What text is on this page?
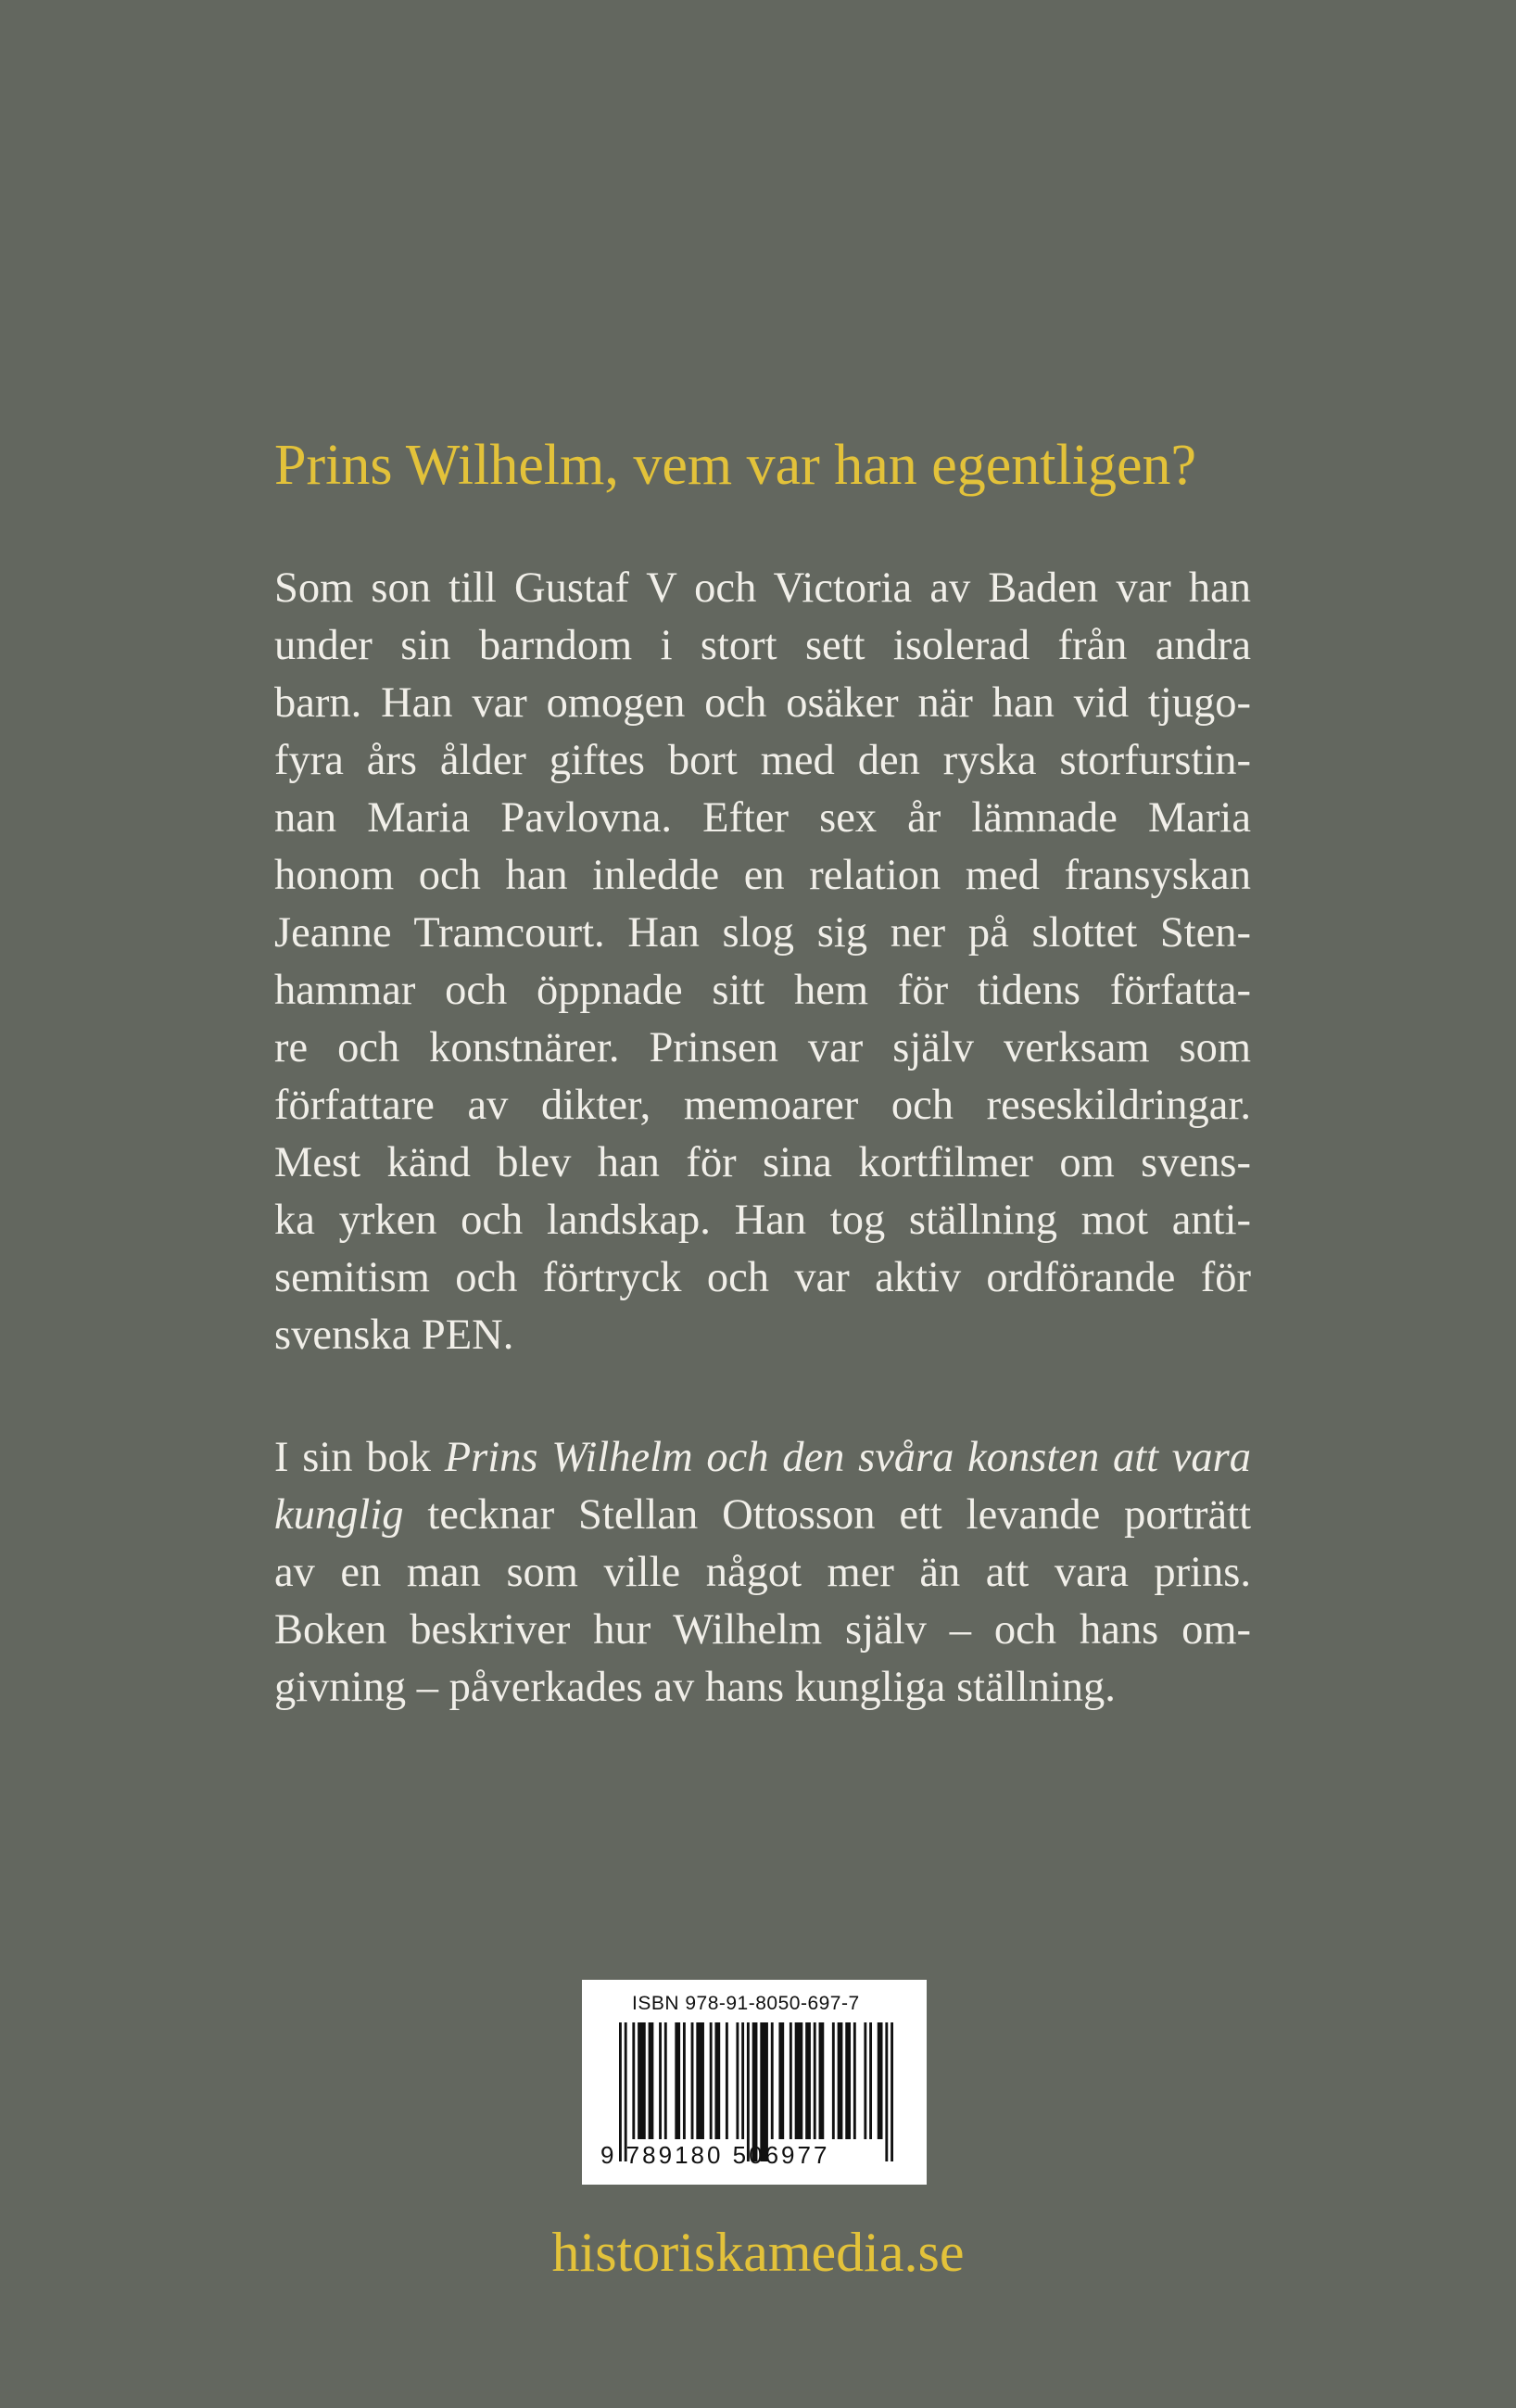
Prins Wilhelm, vem var han egentligen?
Som son till Gustaf V och Victoria av Baden var han
under sin barndom i stort sett isolerad från andra
barn. Han var omogen och osäker när han vid tjugo-
fyra års ålder giftes bort med den ryska storfurstin-
nan Maria Pavlovna. Efter sex år lämnade Maria
honom och han inledde en relation med fransyskan
Jeanne Tramcourt. Han slog sig ner på slottet Sten-
hammar och öppnade sitt hem för tidens författa-
re och konstnärer. Prinsen var själv verksam som
författare av dikter, memoarer och reseskildringar.
Mest känd blev han för sina kortfilmer om svens-
ka yrken och landskap. Han tog ställning mot anti-
semitism och förtryck och var aktiv ordförande för
svenska PEN.
I sin bok Prins Wilhelm och den svåra konsten att vara
kunglig tecknar Stellan Ottosson ett levande porträtt
av en man som ville något mer än att vara prins.
Boken beskriver hur Wilhelm själv – och hans om-
givning – påverkades av hans kungliga ställning.
ISBN 978-91-8050-697-7
9 789180 506977
historiskamedia.se
